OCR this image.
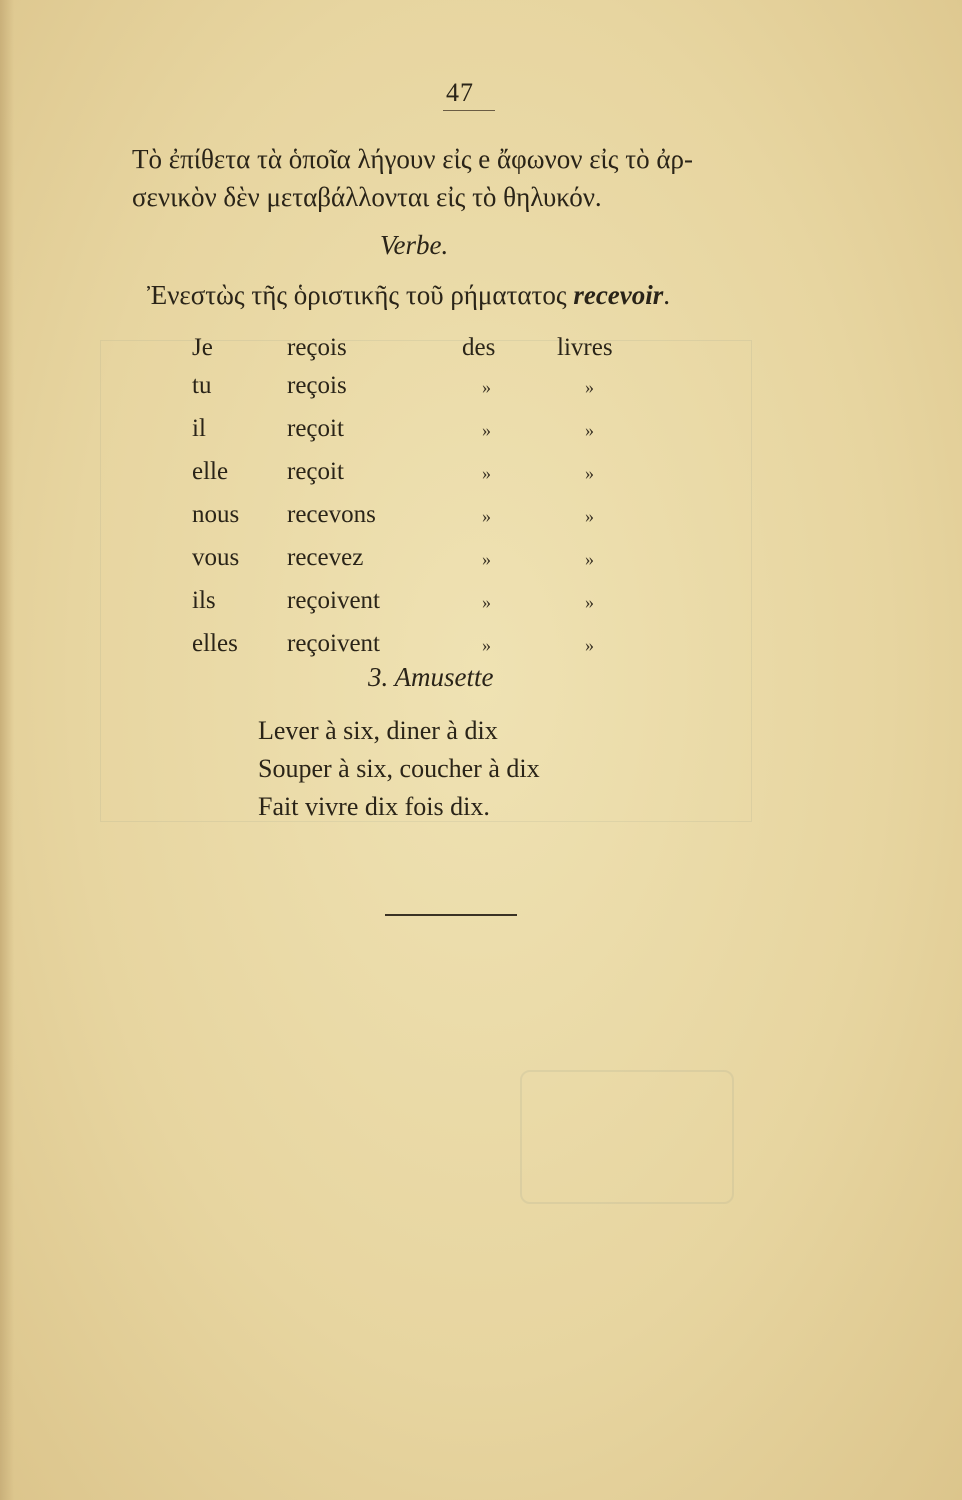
47
Τὸ ἐπίθετα τὰ ὁποῖα λήγουν εἰς e ἄφωνον εἰς τὸ ἀρ-
σενικὸν δὲν μεταβάλλονται εἰς τὸ θηλυκόν.
Verbe.
Ἐνεστὼς τῆς ὁριστικῆς τοῦ ρήματατος recevoir.
Je	reçois	des	livres
tu	reçois	»	»
il	reçoit	»	»
elle	reçoit	»	»
nous	recevons	»	»
vous	recevez	»	»
ils	reçoivent	»	»
elles	reçoivent	»	»
3. Amusette
Lever à six, diner à dix
Souper à six, coucher à dix
Fait vivre dix fois dix.
